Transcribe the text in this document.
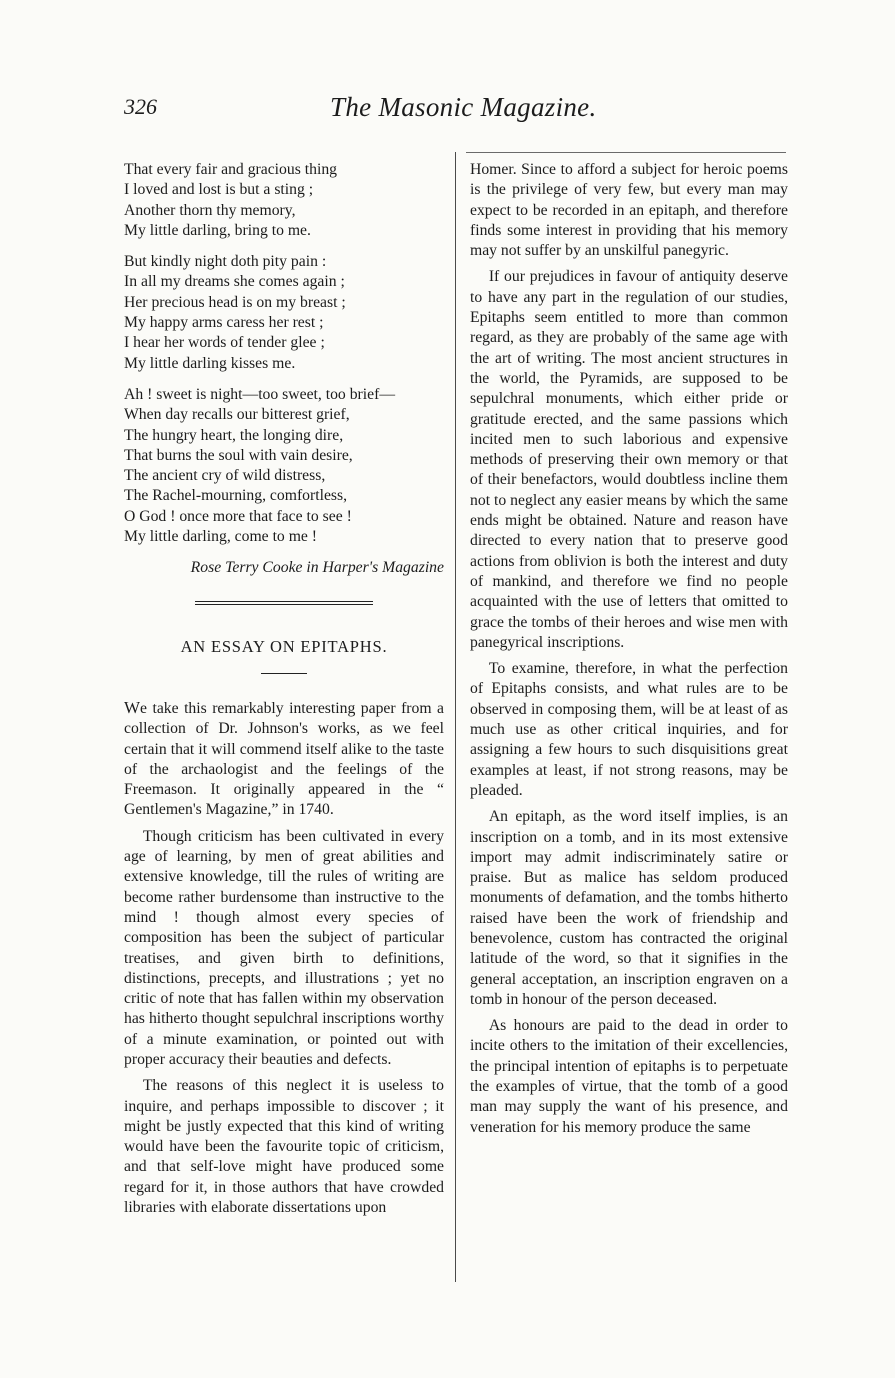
326	The Masonic Magazine.
That every fair and gracious thing
I loved and lost is but a sting ;
Another thorn thy memory,
My little darling, bring to me.
But kindly night doth pity pain :
In all my dreams she comes again ;
Her precious head is on my breast ;
My happy arms caress her rest ;
I hear her words of tender glee ;
My little darling kisses me.
Ah ! sweet is night—too sweet, too brief—
When day recalls our bitterest grief,
The hungry heart, the longing dire,
That burns the soul with vain desire,
The ancient cry of wild distress,
The Rachel-mourning, comfortless,
O God ! once more that face to see !
My little darling, come to me !
Rose Terry Cooke in Harper's Magazine
AN ESSAY ON EPITAPHS.

We take this remarkably interesting paper from a collection of Dr. Johnson's works, as we feel certain that it will commend itself alike to the taste of the archaologist and the feelings of the Freemason. It originally appeared in the “ Gentlemen's Magazine,” in 1740.

Though criticism has been cultivated in every age of learning, by men of great abilities and extensive knowledge, till the rules of writing are become rather burdensome than instructive to the mind ! though almost every species of composition has been the subject of particular treatises, and given birth to definitions, distinctions, precepts, and illustrations ; yet no critic of note that has fallen within my observation has hitherto thought sepulchral inscriptions worthy of a minute examination, or pointed out with proper accuracy their beauties and defects.

The reasons of this neglect it is useless to inquire, and perhaps impossible to discover ; it might be justly expected that this kind of writing would have been the favourite topic of criticism, and that self-love might have produced some regard for it, in those authors that have crowded libraries with elaborate dissertations upon

Homer. Since to afford a subject for heroic poems is the privilege of very few, but every man may expect to be recorded in an epitaph, and therefore finds some interest in providing that his memory may not suffer by an unskilful panegyric.

If our prejudices in favour of antiquity deserve to have any part in the regulation of our studies, Epitaphs seem entitled to more than common regard, as they are probably of the same age with the art of writing. The most ancient structures in the world, the Pyramids, are supposed to be sepulchral monuments, which either pride or gratitude erected, and the same passions which incited men to such laborious and expensive methods of preserving their own memory or that of their benefactors, would doubtless incline them not to neglect any easier means by which the same ends might be obtained. Nature and reason have directed to every nation that to preserve good actions from oblivion is both the interest and duty of mankind, and therefore we find no people acquainted with the use of letters that omitted to grace the tombs of their heroes and wise men with panegyrical inscriptions.

To examine, therefore, in what the perfection of Epitaphs consists, and what rules are to be observed in composing them, will be at least of as much use as other critical inquiries, and for assigning a few hours to such disquisitions great examples at least, if not strong reasons, may be pleaded.

An epitaph, as the word itself implies, is an inscription on a tomb, and in its most extensive import may admit indiscriminately satire or praise. But as malice has seldom produced monuments of defamation, and the tombs hitherto raised have been the work of friendship and benevolence, custom has contracted the original latitude of the word, so that it signifies in the general acceptation, an inscription engraven on a tomb in honour of the person deceased.

As honours are paid to the dead in order to incite others to the imitation of their excellencies, the principal intention of epitaphs is to perpetuate the examples of virtue, that the tomb of a good man may supply the want of his presence, and veneration for his memory produce the same
